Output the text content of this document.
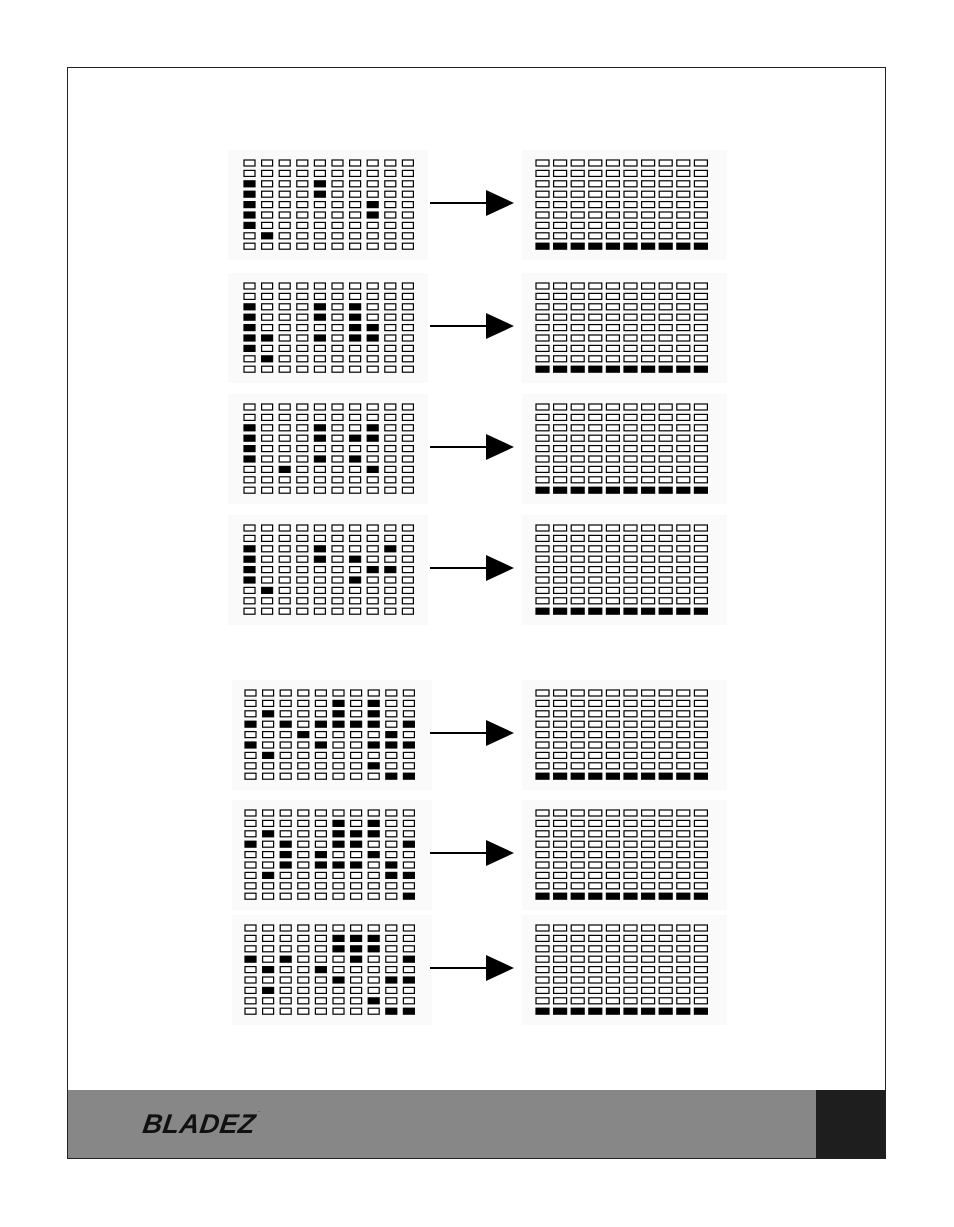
BLADEZ·
